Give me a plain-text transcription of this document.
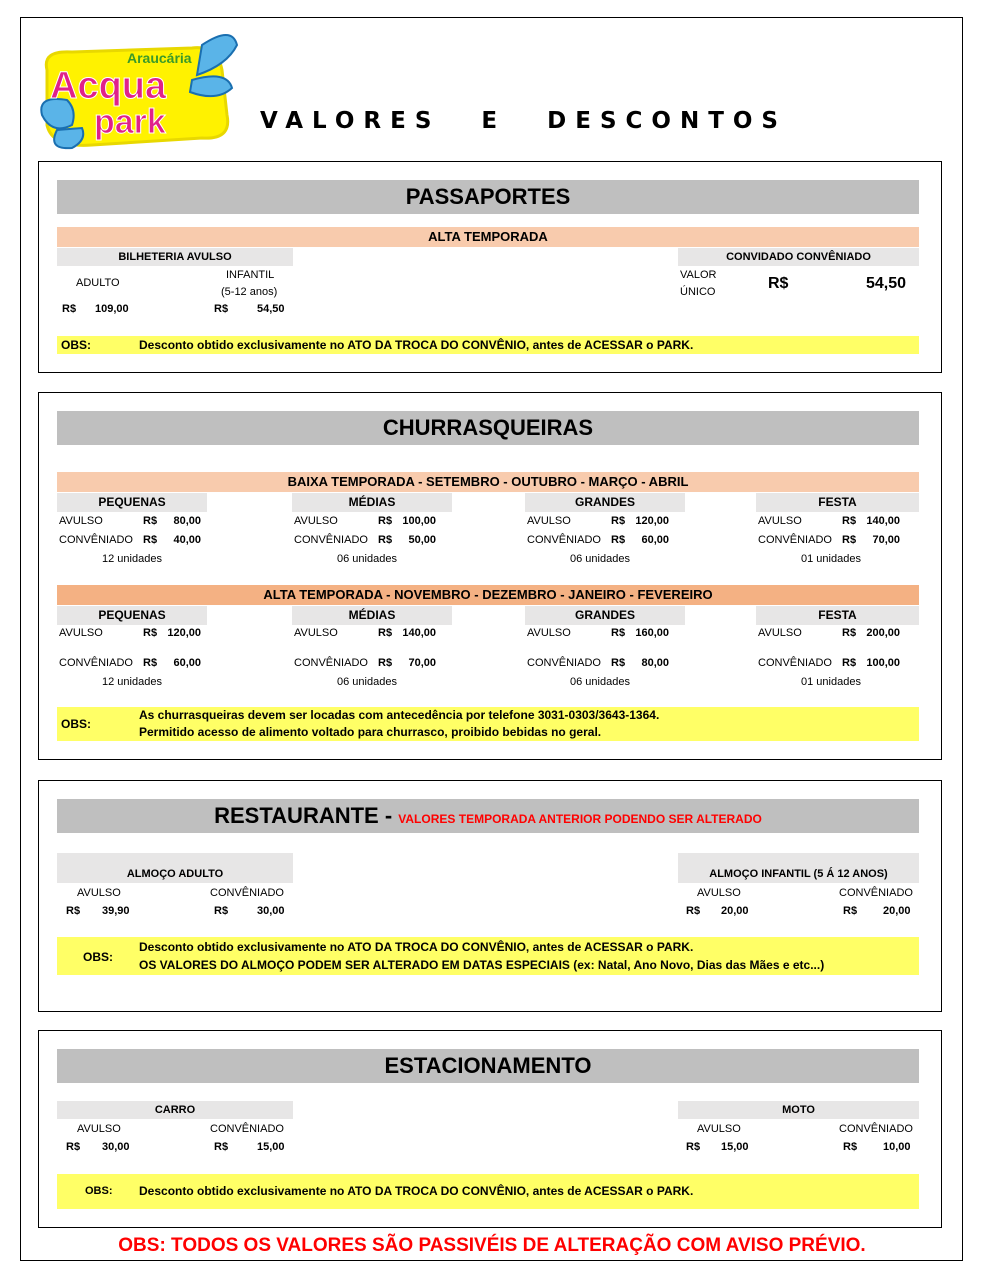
Araucária
Acqua
park	VALORES E DESCONTOS
PASSAPORTES
ALTA TEMPORADA
BILHETERIA AVULSO
ADULTO
INFANTIL
(5-12 anos)
R$ 109,00	R$	54,50
CONVIDADO CONVÊNIADO
VALOR
ÚNICO	R$	54,50
OBS:	Desconto obtido exclusivamente no ATO DA TROCA DO CONVÊNIO, antes de ACESSAR o PARK.
CHURRASQUEIRAS
BAIXA TEMPORADA - SETEMBRO - OUTUBRO - MARÇO - ABRIL
PEQUENAS
AVULSO	R$	80,00
CONVÊNIADO R$	40,00
12 unidades
MÉDIAS
AVULSO	R$ 100,00
CONVÊNIADO R$	50,00
06 unidades
GRANDES
AVULSO	R$ 120,00
CONVÊNIADO R$	60,00
06 unidades
FESTA
AVULSO	R$ 140,00
CONVÊNIADO R$	70,00
01 unidades
ALTA TEMPORADA - NOVEMBRO - DEZEMBRO - JANEIRO - FEVEREIRO
PEQUENAS
AVULSO	R$ 120,00
CONVÊNIADO R$	60,00
12 unidades
MÉDIAS
AVULSO	R$ 140,00
CONVÊNIADO R$	70,00
06 unidades
GRANDES
AVULSO	R$ 160,00
CONVÊNIADO R$	80,00
06 unidades
FESTA
AVULSO	R$ 200,00
CONVÊNIADO R$ 100,00
01 unidades
OBS:
As churrasqueiras devem ser locadas com antecedência por telefone 3031-0303/3643-1364.
Permitido acesso de alimento voltado para churrasco, proibido bebidas no geral.
RESTAURANTE - VALORES TEMPORADA ANTERIOR PODENDO SER ALTERADO
ALMOÇO ADULTO
AVULSO	CONVÊNIADO
R$ 39,90	R$	30,00
ALMOÇO INFANTIL (5 Á 12 ANOS)
AVULSO	CONVÊNIADO
R$ 20,00	R$ 20,00
OBS:
Desconto obtido exclusivamente no ATO DA TROCA DO CONVÊNIO, antes de ACESSAR o PARK.
OS VALORES DO ALMOÇO PODEM SER ALTERADO EM DATAS ESPECIAIS (ex: Natal, Ano Novo, Dias das Mães e etc...)
ESTACIONAMENTO
CARRO
AVULSO	CONVÊNIADO
R$ 30,00	R$	15,00
MOTO
AVULSO	CONVÊNIADO
R$ 15,00	R$ 10,00
OBS: Desconto obtido exclusivamente no ATO DA TROCA DO CONVÊNIO, antes de ACESSAR o PARK.
OBS: TODOS OS VALORES SÃO PASSIVÉIS DE ALTERAÇÃO COM AVISO PRÉVIO.
